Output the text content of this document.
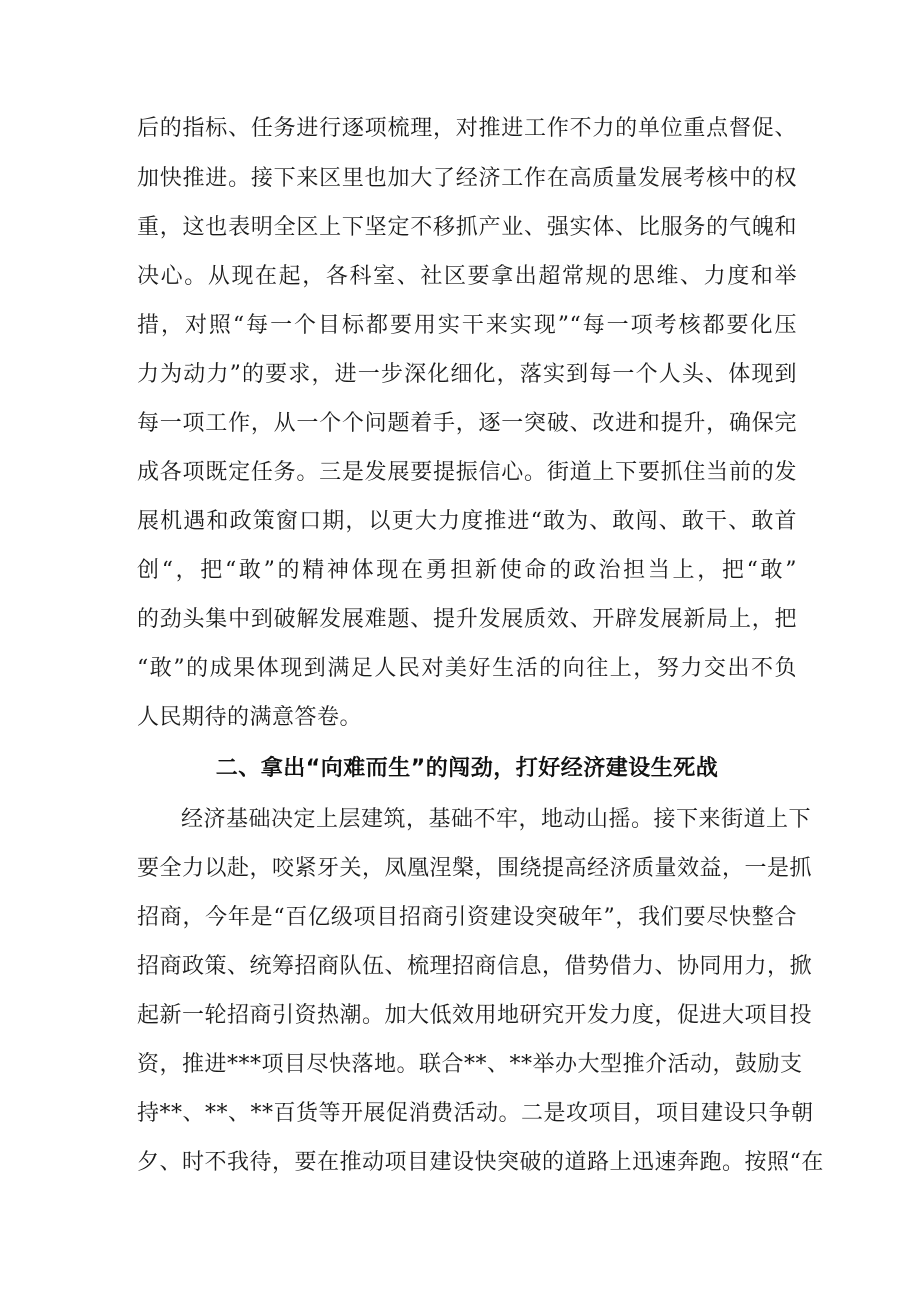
后的指标、任务进行逐项梳理，对推进工作不力的单位重点督促、
加快推进。接下来区里也加大了经济工作在高质量发展考核中的权
重，这也表明全区上下坚定不移抓产业、强实体、比服务的气魄和
决心。从现在起，各科室、社区要拿出超常规的思维、力度和举
措，对照“每一个目标都要用实干来实现”“每一项考核都要化压
力为动力”的要求，进一步深化细化，落实到每一个人头、体现到
每一项工作，从一个个问题着手，逐一突破、改进和提升，确保完
成各项既定任务。三是发展要提振信心。街道上下要抓住当前的发
展机遇和政策窗口期，以更大力度推进“敢为、敢闯、敢干、敢首
创“，把“敢”的精神体现在勇担新使命的政治担当上，把“敢”
的劲头集中到破解发展难题、提升发展质效、开辟发展新局上，把
“敢”的成果体现到满足人民对美好生活的向往上，努力交出不负
人民期待的满意答卷。
二、拿出“向难而生”的闯劲，打好经济建设生死战
经济基础决定上层建筑，基础不牢，地动山摇。接下来街道上下
要全力以赴，咬紧牙关，凤凰涅槃，围绕提高经济质量效益，一是抓
招商，今年是“百亿级项目招商引资建设突破年”，我们要尽快整合
招商政策、统筹招商队伍、梳理招商信息，借势借力、协同用力，掀
起新一轮招商引资热潮。加大低效用地研究开发力度，促进大项目投
资，推进***项目尽快落地。联合**、**举办大型推介活动，鼓励支
持**、**、**百货等开展促消费活动。二是攻项目，项目建设只争朝
夕、时不我待，要在推动项目建设快突破的道路上迅速奔跑。按照“在
